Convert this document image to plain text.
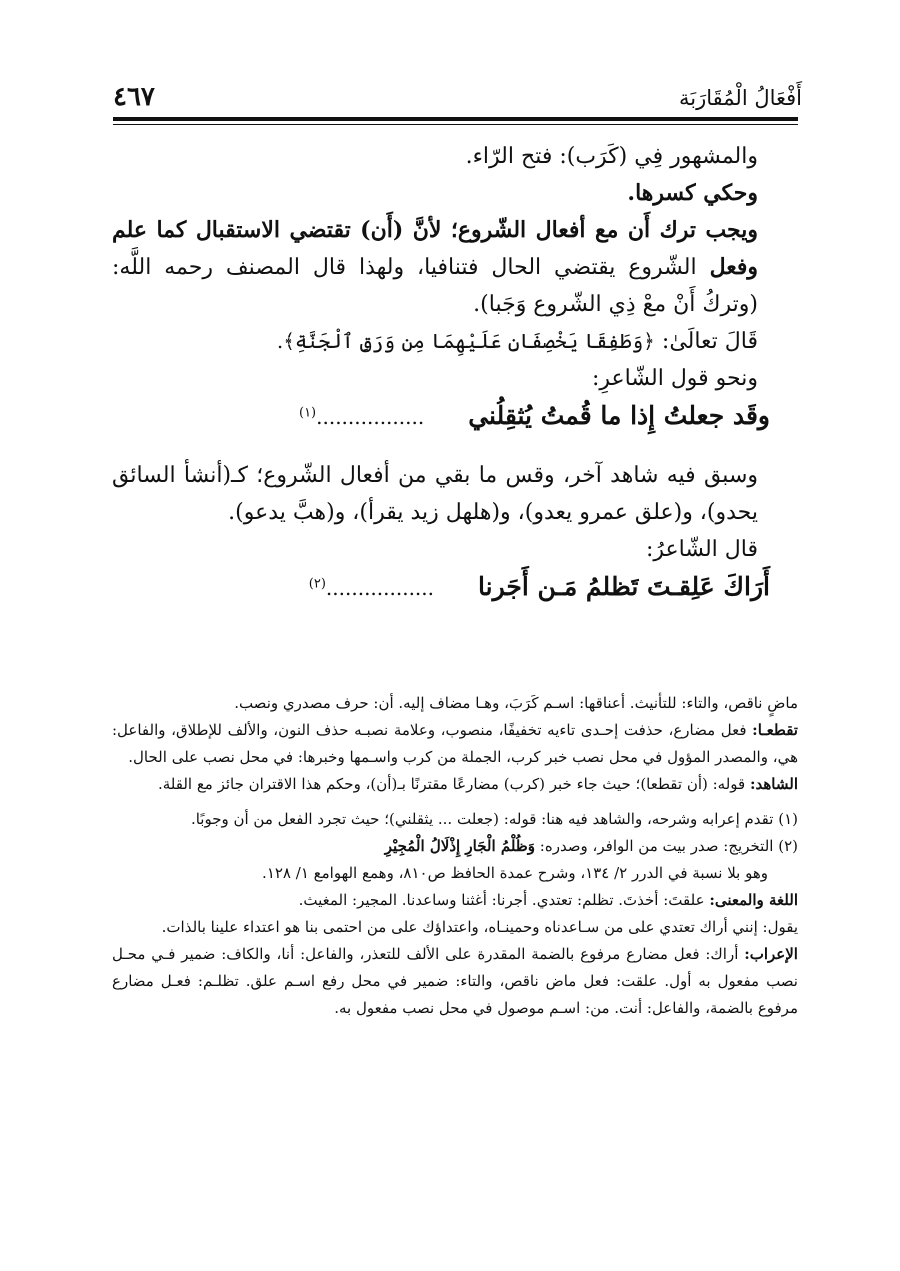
أَفْعَالُ الْمُقَارَبَة
٤٦٧

والمشهور فِي (كَرَب): فتح الرّاء.

وحكي كسرها.

ويجب ترك أَن مع أفعال الشّروع؛ لأنَّ (أَن) تقتضي الاستقبال كما علم وفعل الشّروع يقتضي الحال فتنافيا، ولهذا قال المصنف رحمه اللَّه: (وتركُ أَنْ معْ ذِي الشّروع وَجَبا).

قَالَ تعالَىٰ: ﴿وَطَفِقَا يَخْصِفَانِ عَلَيْهِمَا مِن وَرَقِ ٱلْجَنَّةِ﴾.

ونحو قول الشّاعرِ:

وقَد جعلتُ إِذا ما قُمتُ يُثقِلُني
$^{(١)}$.................

وسبق فيه شاهد آخر، وقس ما بقي من أفعال الشّروع؛ كـ(أنشأ السائق يحدو)، و(علق عمرو يعدو)، و(هلهل زيد يقرأ)، و(هبَّ يدعو).

قال الشّاعرُ:

أَرَاكَ عَلِقـتَ تَظلمُ مَـن أَجَرنا
$^{(٢)}$.................

ماضٍ ناقص، والتاء: للتأنيث. أعناقها: اسـم كَرَبَ، وهـا مضاف إليه. أن: حرف مصدري ونصب.

تقطعـا: فعل مضارع، حذفت إحـدى تاءيه تخفيفًا، منصوب، وعلامة نصبـه حذف النون، والألف للإطلاق، والفاعل: هي، والمصدر المؤول في محل نصب خبر كرب، الجملة من كرب واسـمها وخبرها: في محل نصب على الحال.

الشاهد: قوله: (أن تقطعا)؛ حيث جاء خبر (كرب) مضارعًا مقترنًا بـ(أن)، وحكم هذا الاقتران جائز مع القلة.

(١) تقدم إعرابه وشرحه، والشاهد فيه هنا: قوله: (جعلت ... يثقلني)؛ حيث تجرد الفعل من أن وجوبًا.

(٢) التخريج: صدر بيت من الوافر، وصدره: وَظُلْمُ الْجَارِ إِذْلَالُ الْمُجِيْرِ

وهو بلا نسبة في الدرر ٢/ ١٣٤، وشرح عمدة الحافظ ص٨١٠، وهمع الهوامع ١/ ١٢٨.

اللغة والمعنى: علقتَ: أخذتَ. تظلم: تعتدي. أجرنا: أغثنا وساعدنا. المجير: المغيث.

يقول: إنني أراك تعتدي على من سـاعدناه وحمينـاه، واعتداؤك على من احتمى بنا هو اعتداء علينا بالذات.

الإعراب: أراك: فعل مضارع مرفوع بالضمة المقدرة على الألف للتعذر، والفاعل: أنا، والكاف: ضمير فـي محـل نصب مفعول به أول. علقت: فعل ماض ناقص، والتاء: ضمير في محل رفع اسـم علق. تظلـم: فعـل مضارع مرفوع بالضمة، والفاعل: أنت. من: اسـم موصول في محل نصب مفعول به.
